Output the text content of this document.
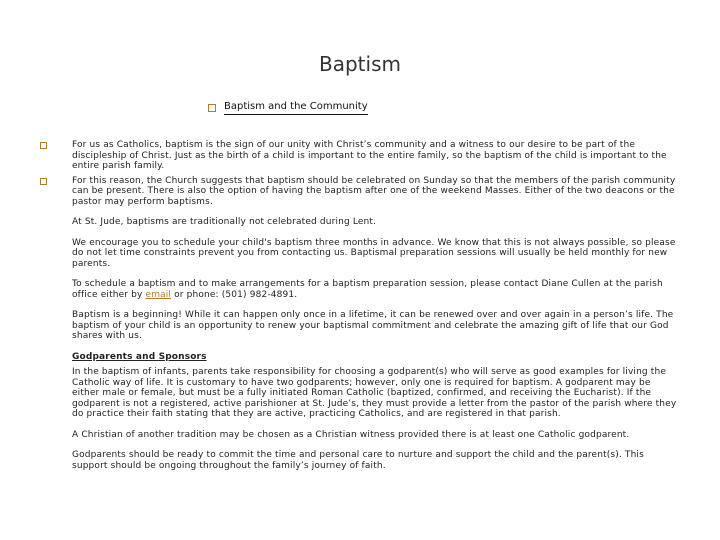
Baptism
Baptism and the Community
For us as Catholics, baptism is the sign of our unity with Christ’s community and a witness to our desire to be part of the discipleship of Christ. Just as the birth of a child is important to the entire family, so the baptism of the child is important to the entire parish family.
For this reason, the Church suggests that baptism should be celebrated on Sunday so that the members of the parish community can be present. There is also the option of having the baptism after one of the weekend Masses. Either of the two deacons or the pastor may perform baptisms.
At St. Jude, baptisms are traditionally not celebrated during Lent.
We encourage you to schedule your child's baptism three months in advance. We know that this is not always possible, so please do not let time constraints prevent you from contacting us. Baptismal preparation sessions will usually be held monthly for new parents.
To schedule a baptism and to make arrangements for a baptism preparation session, please contact Diane Cullen at the parish office either by email or phone: (501) 982-4891.
Baptism is a beginning! While it can happen only once in a lifetime, it can be renewed over and over again in a person’s life. The baptism of your child is an opportunity to renew your baptismal commitment and celebrate the amazing gift of life that our God shares with us.
Godparents and Sponsors
In the baptism of infants, parents take responsibility for choosing a godparent(s) who will serve as good examples for living the Catholic way of life. It is customary to have two godparents; however, only one is required for baptism. A godparent may be either male or female, but must be a fully initiated Roman Catholic (baptized, confirmed, and receiving the Eucharist). If the godparent is not a registered, active parishioner at St. Jude’s, they must provide a letter from the pastor of the parish where they do practice their faith stating that they are active, practicing Catholics, and are registered in that parish.
A Christian of another tradition may be chosen as a Christian witness provided there is at least one Catholic godparent.
Godparents should be ready to commit the time and personal care to nurture and support the child and the parent(s). This support should be ongoing throughout the family’s journey of faith.
